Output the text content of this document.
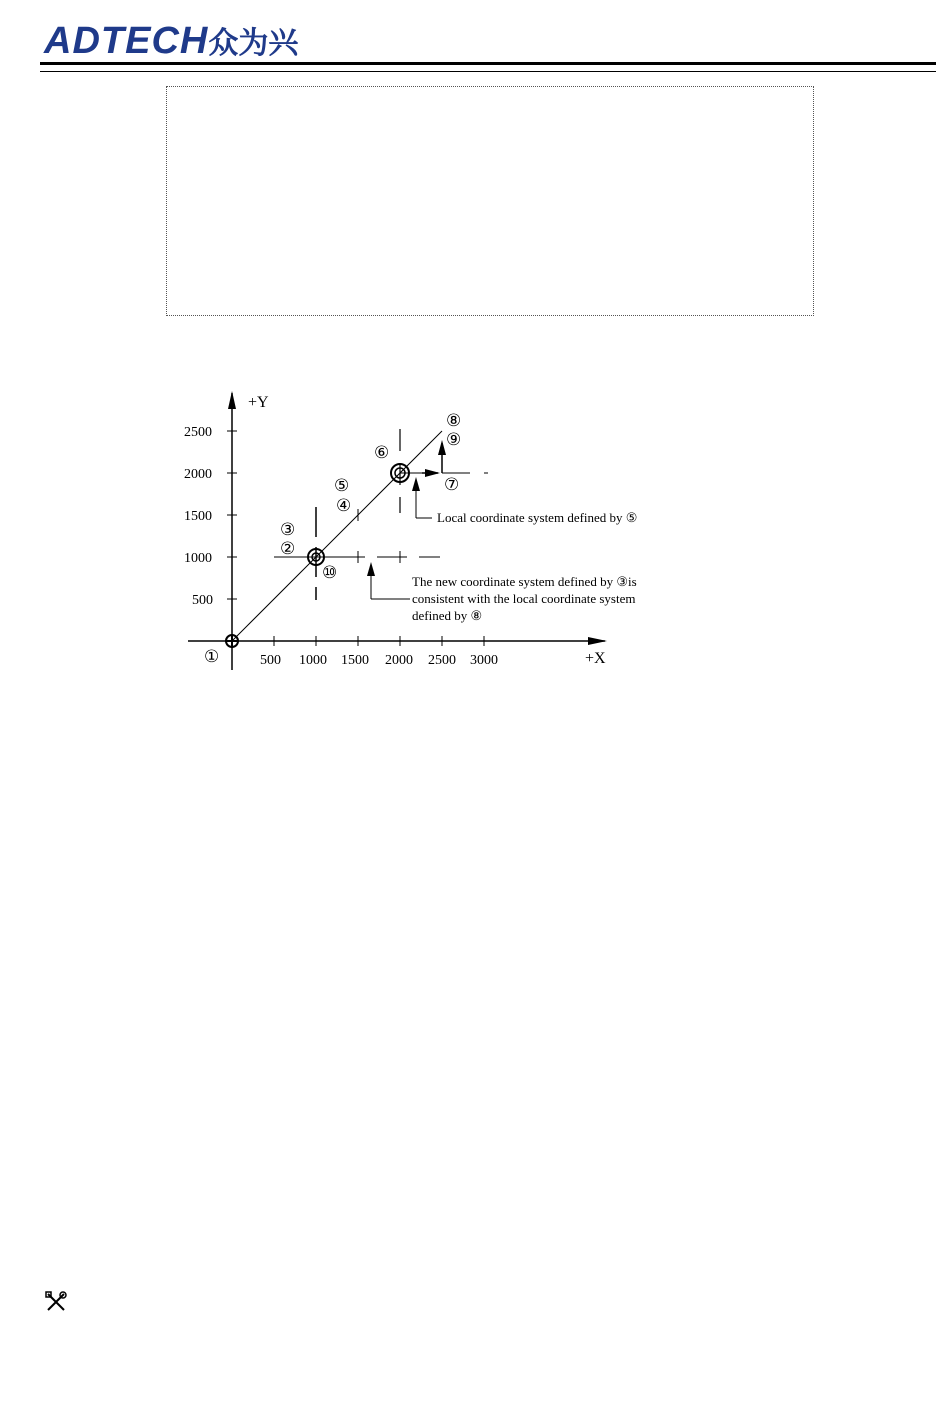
ADTECH众为兴
+Y
+X
2500
2000
1500
1000
500
500 1000 1500 2000 2500 3000
①
②
③
④
⑤
⑥
⑦
⑧
⑨
⑩
Local coordinate system defined by ⑤
The new coordinate system defined by ③is
consistent with the local coordinate system
defined by ⑧
